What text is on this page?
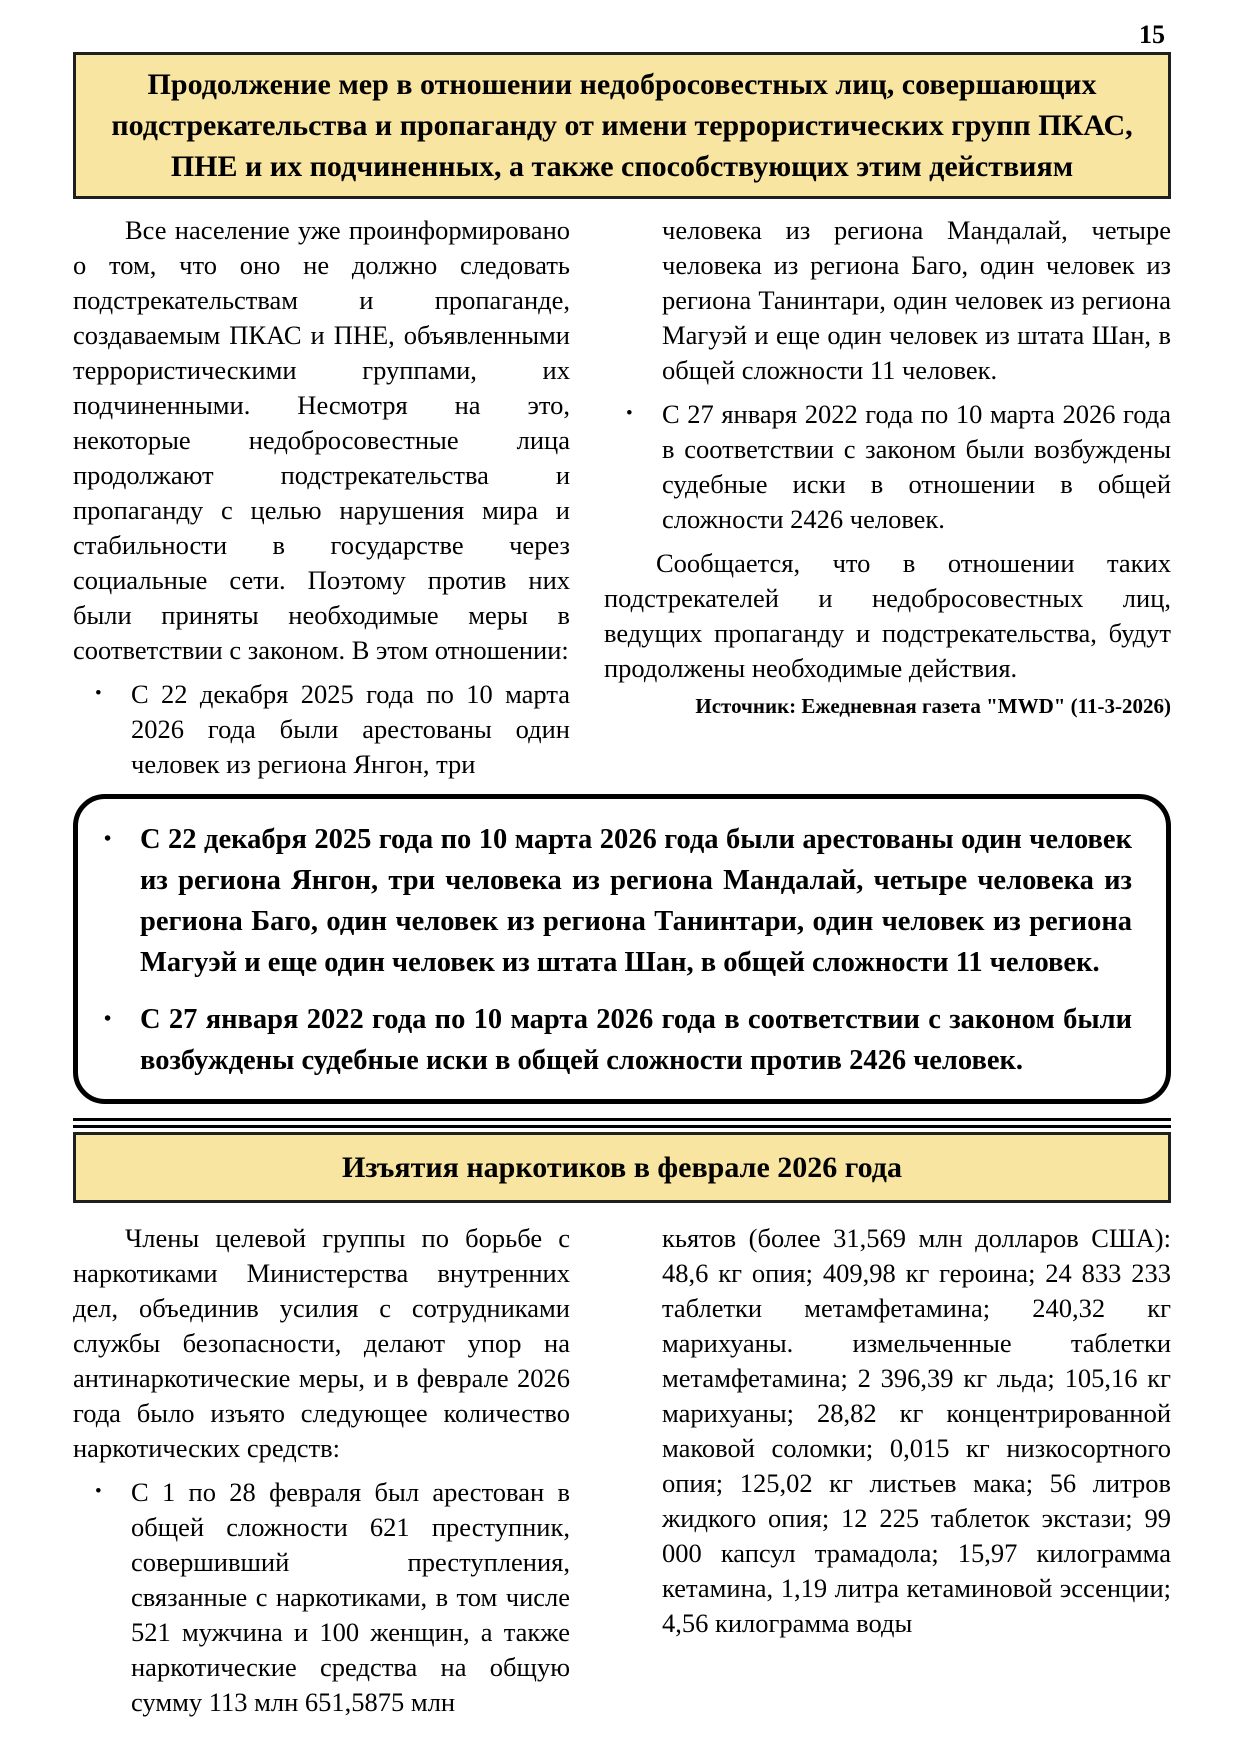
15
Продолжение мер в отношении недобросовестных лиц, совершающих подстрекательства и пропаганду от имени террористических групп ПКАС, ПНЕ и их подчиненных, а также способствующих этим действиям

Все население уже проинформировано о том, что оно не должно следовать подстрекательствам и пропаганде, создаваемым ПКАС и ПНЕ, объявленными террористическими группами, их подчиненными. Несмотря на это, некоторые недобросовестные лица продолжают подстрекательства и пропаганду с целью нарушения мира и стабильности в государстве через социальные сети. Поэтому против них были приняты необходимые меры в соответствии с законом. В этом отношении:

• С 22 декабря 2025 года по 10 марта 2026 года были арестованы один человек из региона Янгон, три
человека из региона Мандалай, четыре человека из региона Баго, один человек из региона Танинтари, один человек из региона Магуэй и еще один человек из штата Шан, в общей сложности 11 человек.
• С 27 января 2022 года по 10 марта 2026 года в соответствии с законом были возбуждены судебные иски в отношении в общей сложности 2426 человек.

Сообщается, что в отношении таких подстрекателей и недобросовестных лиц, ведущих пропаганду и подстрекательства, будут продолжены необходимые действия.

Источник: Ежедневная газета "MWD" (11-3-2026)
• С 22 декабря 2025 года по 10 марта 2026 года были арестованы один человек из региона Янгон, три человека из региона Мандалай, четыре человека из региона Баго, один человек из региона Танинтари, один человек из региона Магуэй и еще один человек из штата Шан, в общей сложности 11 человек.
• С 27 января 2022 года по 10 марта 2026 года в соответствии с законом были возбуждены судебные иски в общей сложности против 2426 человек.
Изъятия наркотиков в феврале 2026 года

Члены целевой группы по борьбе с наркотиками Министерства внутренних дел, объединив усилия с сотрудниками службы безопасности, делают упор на антинаркотические меры, и в феврале 2026 года было изъято следующее количество наркотических средств:

• С 1 по 28 февраля был арестован в общей сложности 621 преступник, совершивший преступления, связанные с наркотиками, в том числе 521 мужчина и 100 женщин, а также наркотические средства на общую сумму 113 млн 651,5875 млн
кьятов (более 31,569 млн долларов США): 48,6 кг опия; 409,98 кг героина; 24 833 233 таблетки метамфетамина; 240,32 кг марихуаны. измельченные таблетки метамфетамина; 2 396,39 кг льда; 105,16 кг марихуаны; 28,82 кг концентрированной маковой соломки; 0,015 кг низкосортного опия; 125,02 кг листьев мака; 56 литров жидкого опия; 12 225 таблеток экстази; 99 000 капсул трамадола; 15,97 килограмма кетамина, 1,19 литра кетаминовой эссенции; 4,56 килограмма воды
